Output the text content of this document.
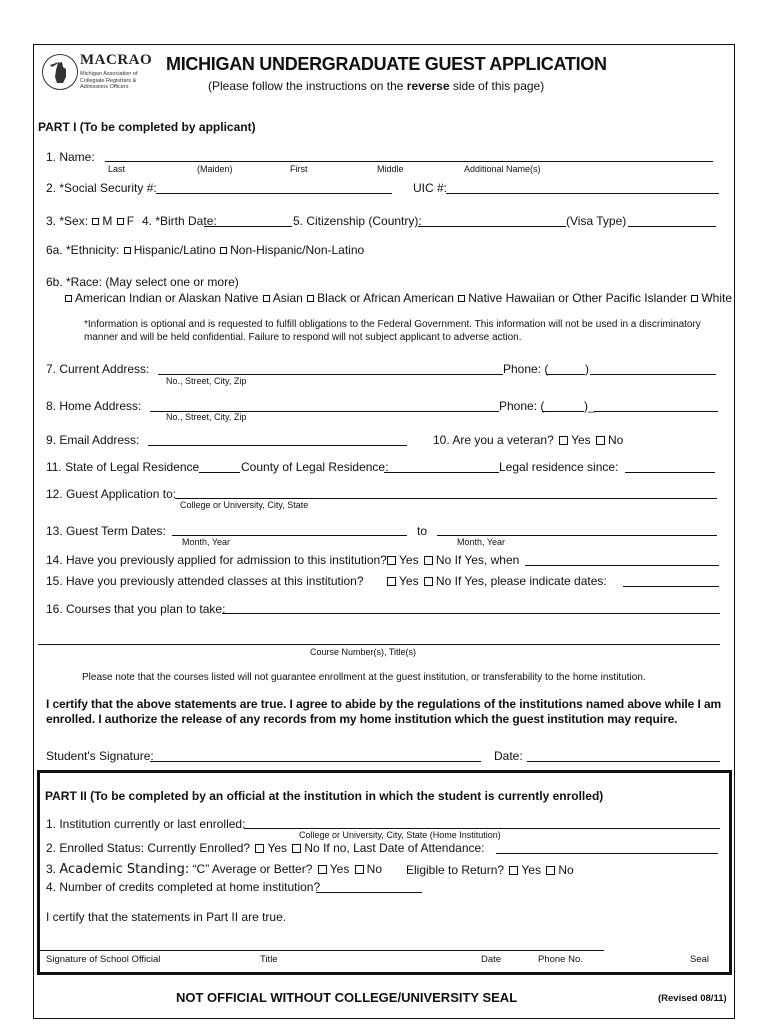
MACRAO
Michigan Association of Collegiate Registrars & Admissions Officers
MICHIGAN UNDERGRADUATE GUEST APPLICATION
(Please follow the instructions on the reverse side of this page)
PART I (To be completed by applicant)
1. Name:
Last	(Maiden)	First	Middle	Additional Name(s)
2. *Social Security #:	UIC #:
3. *Sex: M F 4. *Birth Date:	5. Citizenship (Country):	(Visa Type)
6a. *Ethnicity: Hispanic/Latino Non-Hispanic/Non-Latino
6b. *Race: (May select one or more)
American Indian or Alaskan Native Asian Black or African American Native Hawaiian or Other Pacific Islander White
*Information is optional and is requested to fulfill obligations to the Federal Government. This information will not be used in a discriminatory
manner and will be held confidential. Failure to respond will not subject applicant to adverse action.
7. Current Address:	Phone: (	)
No., Street, City, Zip
8. Home Address:	Phone: (	)_
No., Street, City, Zip
9. Email Address:	10. Are you a veteran? Yes No
11. State of Legal Residence	County of Legal Residence:	Legal residence since:
12. Guest Application to:
College or University, City, State
13. Guest Term Dates:	to
Month, Year	Month, Year
14. Have you previously applied for admission to this institution?	Yes No If Yes, when
15. Have you previously attended classes at this institution?	Yes No If Yes, please indicate dates:
16. Courses that you plan to take:
Course Number(s), Title(s)
Please note that the courses listed will not guarantee enrollment at the guest institution, or transferability to the home institution.
I certify that the above statements are true. I agree to abide by the regulations of the institutions named above while I am
enrolled. I authorize the release of any records from my home institution which the guest institution may require.
Student's Signature:	Date:
PART II (To be completed by an official at the institution in which the student is currently enrolled)
1. Institution currently or last enrolled:
College or University, City, State (Home Institution)
2. Enrolled Status: Currently Enrolled? Yes No If no, Last Date of Attendance:
3. Academic Standing: “C” Average or Better? Yes No Eligible to Return? Yes No
4. Number of credits completed at home institution?
I certify that the statements in Part II are true.
Signature of School Official	Title	Date	Phone No.	Seal
NOT OFFICIAL WITHOUT COLLEGE/UNIVERSITY SEAL	(Revised 08/11)
